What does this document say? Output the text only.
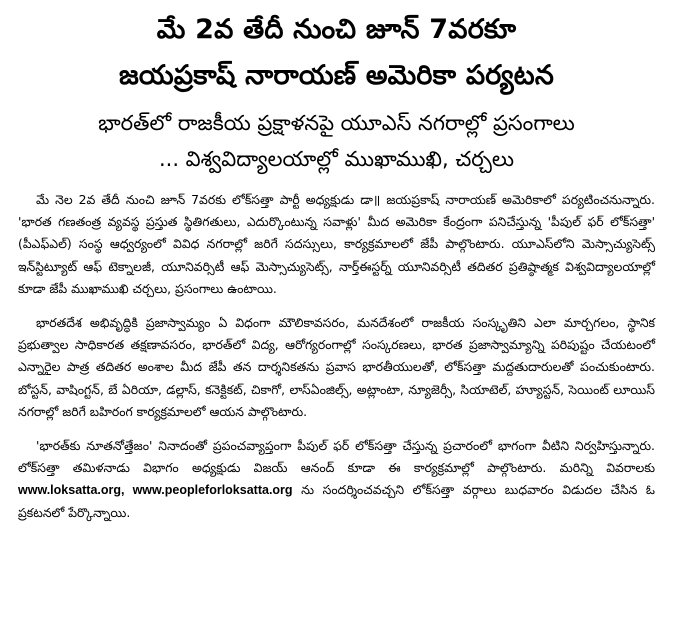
మే 2వ తేదీ నుంచి జూన్ 7వరకూ
జయప్రకాష్ నారాయణ్ అమెరికా పర్యటన

భారత్‌లో రాజకీయ ప్రక్షాళనపై యూఎస్ నగరాల్లో ప్రసంగాలు

... విశ్వవిద్యాలయాల్లో ముఖాముఖి, చర్చలు

మే నెల 2వ తేదీ నుంచి జూన్ 7వరకు లోక్‌సత్తా పార్టీ అధ్యక్షుడు డా॥ జయప్రకాష్ నారాయణ్ అమెరికాలో పర్యటించనున్నారు. 'భారత గణతంత్ర వ్యవస్థ ప్రస్తుత స్థితిగతులు, ఎదుర్కొంటున్న సవాళ్లు' మీద అమెరికా కేంద్రంగా పనిచేస్తున్న 'పీపుల్ ఫర్ లోక్‌సత్తా' (పీఎఫ్ఎల్) సంస్థ ఆధ్వర్యంలో వివిధ నగరాల్లో జరిగే సదస్సులు, కార్యక్రమాలలో జేపీ పాల్గొంటారు. యూఎస్‌లోని మెస్సాచ్యుసెట్స్ ఇన్‌స్టిట్యూట్ ఆఫ్ టెక్నాలజీ, యూనివర్సిటీ ఆఫ్ మెస్సాచ్యుసెట్స్, నార్త్‌ఈస్టర్న్ యూనివర్సిటీ తదితర ప్రతిష్ఠాత్మక విశ్వవిద్యాలయాల్లో కూడా జేపీ ముఖాముఖి చర్చలు, ప్రసంగాలు ఉంటాయి.

భారతదేశ అభివృద్ధికి ప్రజాస్వామ్యం ఏ విధంగా మౌలికావసరం, మనదేశంలో రాజకీయ సంస్కృతిని ఎలా మార్చగలం, స్థానిక ప్రభుత్వాల సాధికారత తక్షణావసరం, భారత్‌లో విద్య, ఆరోగ్యరంగాల్లో సంస్కరణలు, భారత ప్రజాస్వామ్యాన్ని పరిపుష్టం చేయటంలో ఎన్నారైల పాత్ర తదితర అంశాల మీద జేపీ తన దార్శనికతను ప్రవాస భారతీయులతో, లోక్‌సత్తా మద్దతుదారులతో పంచుకుంటారు. బోస్టన్, వాషింగ్టన్, బే ఏరియా, డల్లాస్, కనెక్టికట్, చికాగో, లాస్ఏంజిల్స్, అట్లాంటా, న్యూజెర్సీ, సియాటెల్, హ్యూస్టన్, సెయింట్ లూయిస్ నగరాల్లో జరిగే బహిరంగ కార్యక్రమాలలో ఆయన పాల్గొంటారు.

'భారత్‌కు నూతనోత్తేజం' నినాదంతో ప్రపంచవ్యాప్తంగా పీపుల్ ఫర్ లోక్‌సత్తా చేస్తున్న ప్రచారంలో భాగంగా వీటిని నిర్వహిస్తున్నారు. లోక్‌సత్తా తమిళనాడు విభాగం అధ్యక్షుడు విజయ్ ఆనంద్ కూడా ఈ కార్యక్రమాల్లో పాల్గొంటారు. మరిన్ని వివరాలకు www.loksatta.org, www.peopleforloksatta.org ను సందర్శించవచ్చని లోక్‌సత్తా వర్గాలు బుధవారం విడుదల చేసిన ఓ ప్రకటనలో పేర్కొన్నాయి.
